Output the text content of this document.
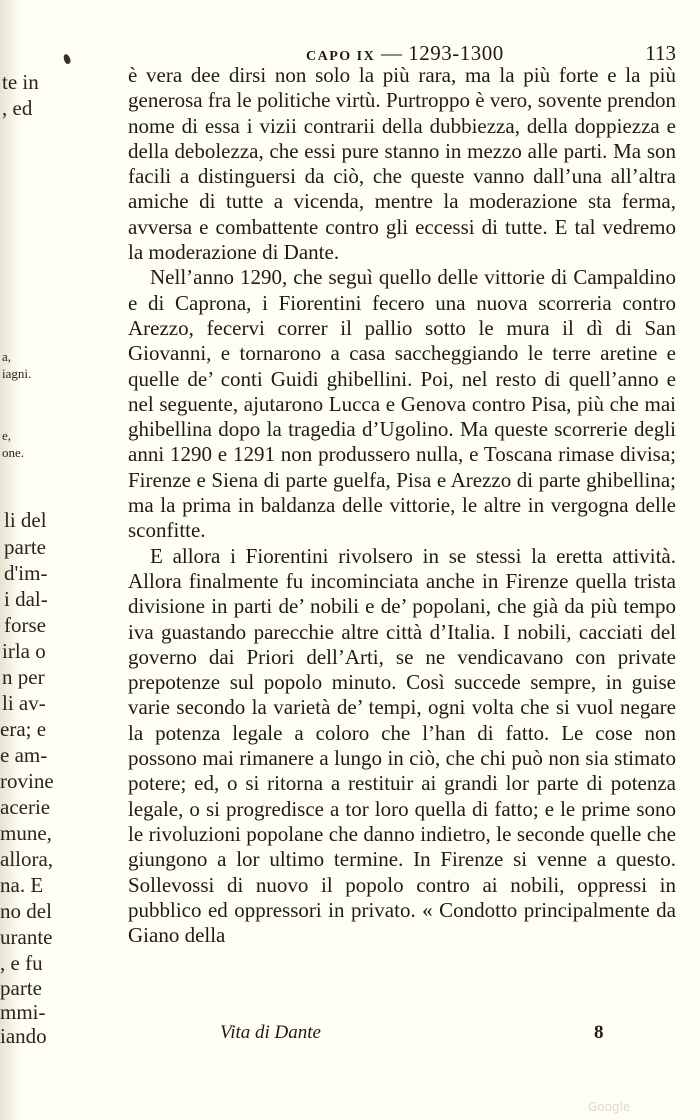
te in
, ed
a,
iagni.
e,
one.
li del
parte
d'im-
i dal-
forse
irla o
n per
li av-
era; e
e am-
rovine
acerie
mune,
allora,
na. E
no del
urante
, e fu
parte
mmi-
iando
CAPO IX — 1293-1300	113

è vera dee dirsi non solo la più rara, ma la più forte e la più generosa fra le politiche virtù. Purtroppo è vero, sovente prendon nome di essa i vizii contrarii della dubbiezza, della doppiezza e della debolezza, che essi pure stanno in mezzo alle parti. Ma son facili a distinguersi da ciò, che queste vanno dall’una all’altra amiche di tutte a vicenda, mentre la moderazione sta ferma, avversa e combattente contro gli eccessi di tutte. E tal vedremo la moderazione di Dante.

Nell’anno 1290, che seguì quello delle vittorie di Campaldino e di Caprona, i Fiorentini fecero una nuova scorreria contro Arezzo, fecervi correr il pallio sotto le mura il dì di San Giovanni, e tornarono a casa saccheggiando le terre aretine e quelle de’ conti Guidi ghibellini. Poi, nel resto di quell’anno e nel seguente, ajutarono Lucca e Genova contro Pisa, più che mai ghibellina dopo la tragedia d’Ugolino. Ma queste scorrerie degli anni 1290 e 1291 non produssero nulla, e Toscana rimase divisa; Firenze e Siena di parte guelfa, Pisa e Arezzo di parte ghibellina; ma la prima in baldanza delle vittorie, le altre in vergogna delle sconfitte.

E allora i Fiorentini rivolsero in se stessi la eretta attività. Allora finalmente fu incominciata anche in Firenze quella trista divisione in parti de’ nobili e de’ popolani, che già da più tempo iva guastando parecchie altre città d’Italia. I nobili, cacciati del governo dai Priori dell’Arti, se ne vendicavano con private prepotenze sul popolo minuto. Così succede sempre, in guise varie secondo la varietà de’ tempi, ogni volta che si vuol negare la potenza legale a coloro che l’han di fatto. Le cose non possono mai rimanere a lungo in ciò, che chi può non sia stimato potere; ed, o si ritorna a restituir ai grandi lor parte di potenza legale, o si progredisce a tor loro quella di fatto; e le prime sono le rivoluzioni popolane che danno indietro, le seconde quelle che giungono a lor ultimo termine. In Firenze si venne a questo. Sollevossi di nuovo il popolo contro ai nobili, oppressi in pubblico ed oppressori in privato. « Condotto principalmente da Giano della

Vita di Dante	8
Google
